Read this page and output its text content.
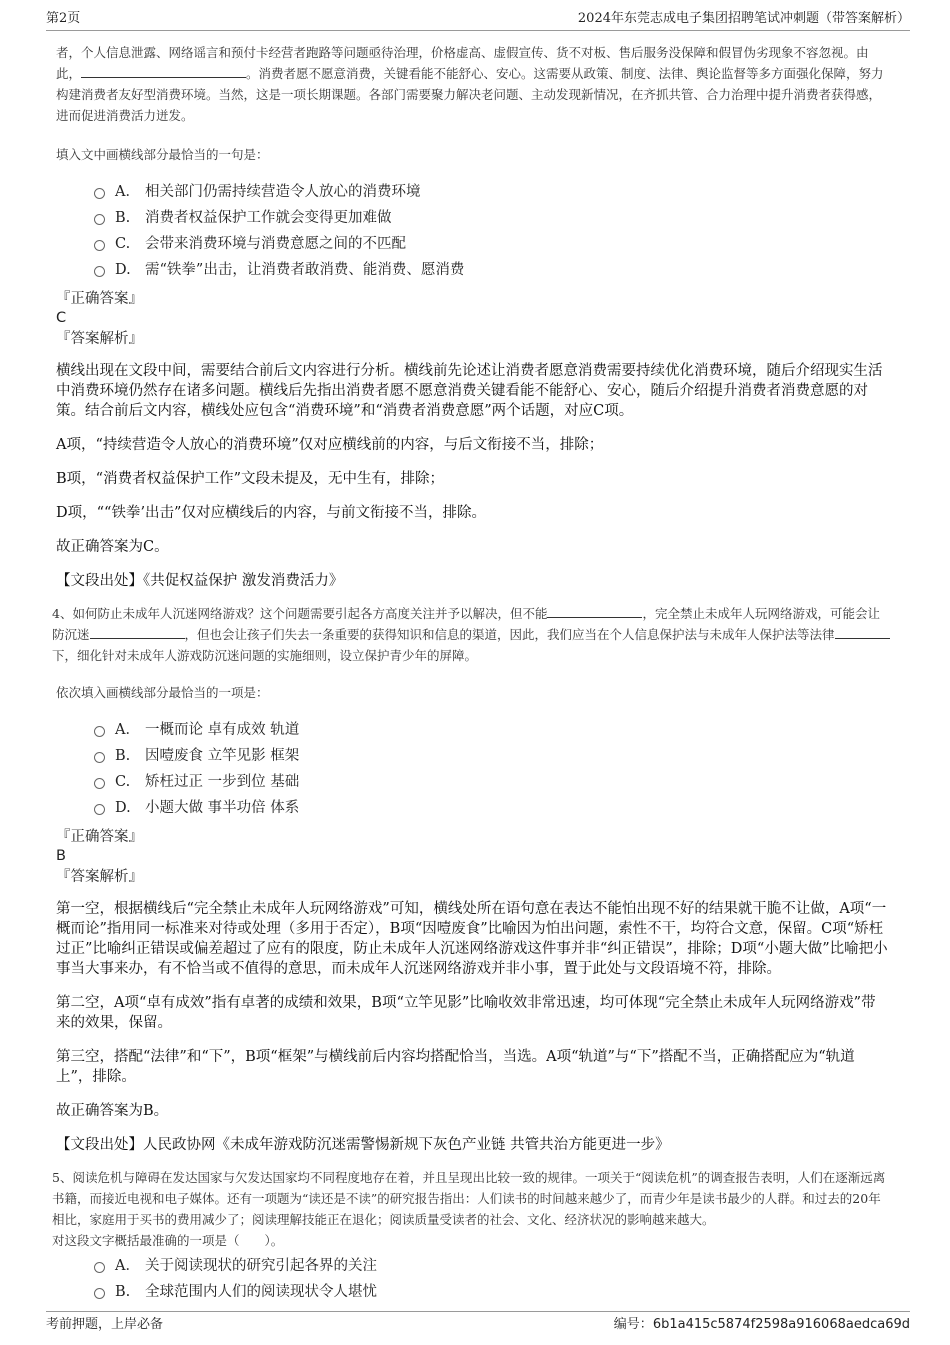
第2页	2024年东莞志成电子集团招聘笔试冲刺题（带答案解析）

者，个人信息泄露、网络谣言和预付卡经营者跑路等问题亟待治理，价格虚高、虚假宣传、货不对板、售后服务没保障和假冒伪劣现象不容忽视。由此，	。消费者愿不愿意消费，关键看能不能舒心、安心。这需要从政策、制度、法律、舆论监督等多方面强化保障，努力构建消费者友好型消费环境。当然，这是一项长期课题。各部门需要聚力解决老问题、主动发现新情况，在齐抓共管、合力治理中提升消费者获得感，进而促进消费活力迸发。

填入文中画横线部分最恰当的一句是：

A． 相关部门仍需持续营造令人放心的消费环境
B.	消费者权益保护工作就会变得更加难做
C.	会带来消费环境与消费意愿之间的不匹配
D. 需“铁拳”出击，让消费者敢消费、能消费、愿消费

『正确答案』

C

『答案解析』

横线出现在文段中间，需要结合前后文内容进行分析。横线前先论述让消费者愿意消费需要持续优化消费环境，随后介绍现实生活中消费环境仍然存在诸多问题。横线后先指出消费者愿不愿意消费关键看能不能舒心、安心，随后介绍提升消费者消费意愿的对策。结合前后文内容，横线处应包含“消费环境”和“消费者消费意愿”两个话题，对应C项。

A项，“持续营造令人放心的消费环境”仅对应横线前的内容，与后文衔接不当，排除；

B项，“消费者权益保护工作”文段未提及，无中生有，排除；

D项，““铁拳’出击”仅对应横线后的内容，与前文衔接不当，排除。

故正确答案为C。

【文段出处】《共促权益保护 激发消费活力》

4、如何防止未成年人沉迷网络游戏？这个问题需要引起各方高度关注并予以解决，但不能	，完全禁止未成年人玩网络游戏，可能会让防沉迷	，但也会让孩子们失去一条重要的获得知识和信息的渠道，因此，我们应当在个人信息保护法与未成年人保护法等法律下，细化针对未成年人游戏防沉迷问题的实施细则，设立保护青少年的屏障。

依次填入画横线部分最恰当的一项是：

A． 一概而论 卓有成效 轨道
B.	因噎废食 立竿见影 框架
C.	矫枉过正 一步到位 基础
D. 小题大做 事半功倍 体系

『正确答案』

B

『答案解析』

第一空，根据横线后“完全禁止未成年人玩网络游戏”可知，横线处所在语句意在表达不能怕出现不好的结果就干脆不让做，A项“一概而论”指用同一标准来对待或处理（多用于否定），B项“因噎废食”比喻因为怕出问题，索性不干，均符合文意，保留。C项“矫枉过正”比喻纠正错误或偏差超过了应有的限度，防止未成年人沉迷网络游戏这件事并非“纠正错误”，排除；D项“小题大做”比喻把小事当大事来办，有不恰当或不值得的意思，而未成年人沉迷网络游戏并非小事，置于此处与文段语境不符，排除。

第二空，A项“卓有成效”指有卓著的成绩和效果，B项“立竿见影”比喻收效非常迅速，均可体现“完全禁止未成年人玩网络游戏”带来的效果，保留。

第三空，搭配“法律”和“下”，B项“框架”与横线前后内容均搭配恰当，当选。A项“轨道”与“下”搭配不当，正确搭配应为“轨道上”，排除。

故正确答案为B。

【文段出处】人民政协网《未成年游戏防沉迷需警惕新规下灰色产业链 共管共治方能更进一步》

5、阅读危机与障碍在发达国家与欠发达国家均不同程度地存在着，并且呈现出比较一致的规律。一项关于“阅读危机”的调查报告表明，人们在逐渐远离书籍，而接近电视和电子媒体。还有一项题为“读还是不读”的研究报告指出：人们读书的时间越来越少了，而青少年是读书最少的人群。和过去的20年相比，家庭用于买书的费用减少了；阅读理解技能正在退化；阅读质量受读者的社会、文化、经济状况的影响越来越大。

对这段文字概括最准确的一项是（　　）。

A． 关于阅读现状的研究引起各界的关注
B.	全球范围内人们的阅读现状令人堪忧
考前押题，上岸必备	编号：6b1a415c5874f2598a916068aedca69d
